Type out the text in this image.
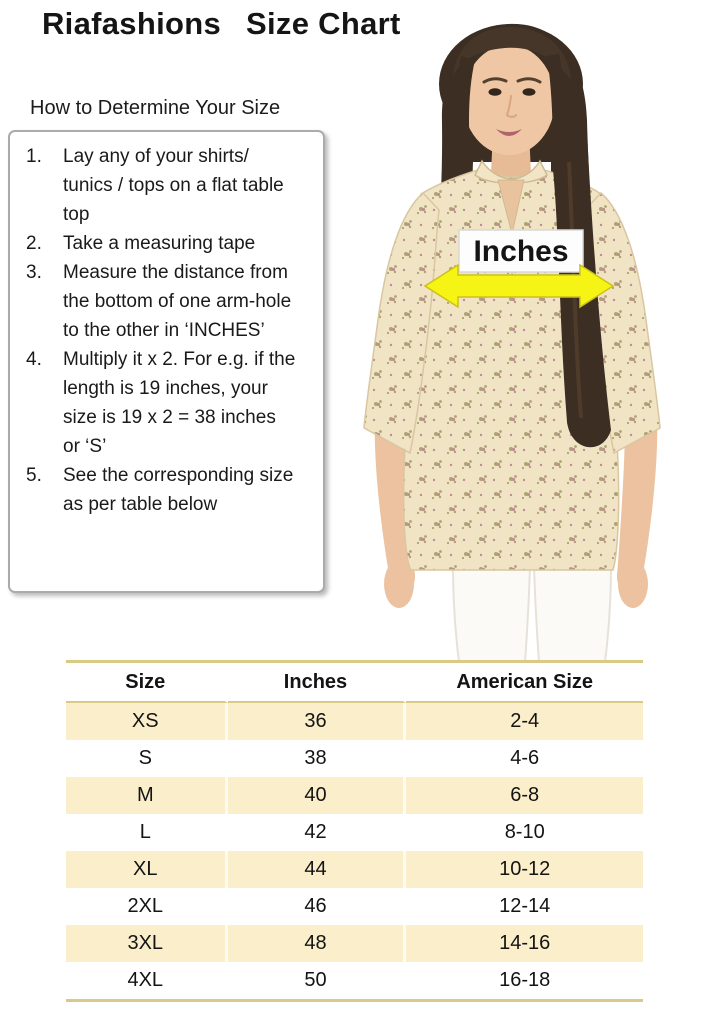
Riafashions Size Chart
How to Determine Your Size
1.	Lay any of your shirts/ tunics / tops on a flat table top
2.	Take a measuring tape
3.	Measure the distance from the bottom of one arm-hole to the other in ‘INCHES’
4.	Multiply it x 2. For e.g. if the length is 19 inches, your size is 19 x 2 = 38 inches or ‘S’
5.	See the corresponding size as per table below
Inches
Size	Inches	American Size
XS	36	2-4
S	38	4-6
M	40	6-8
L	42	8-10
XL	44	10-12
2XL	46	12-14
3XL	48	14-16
4XL	50	16-18
